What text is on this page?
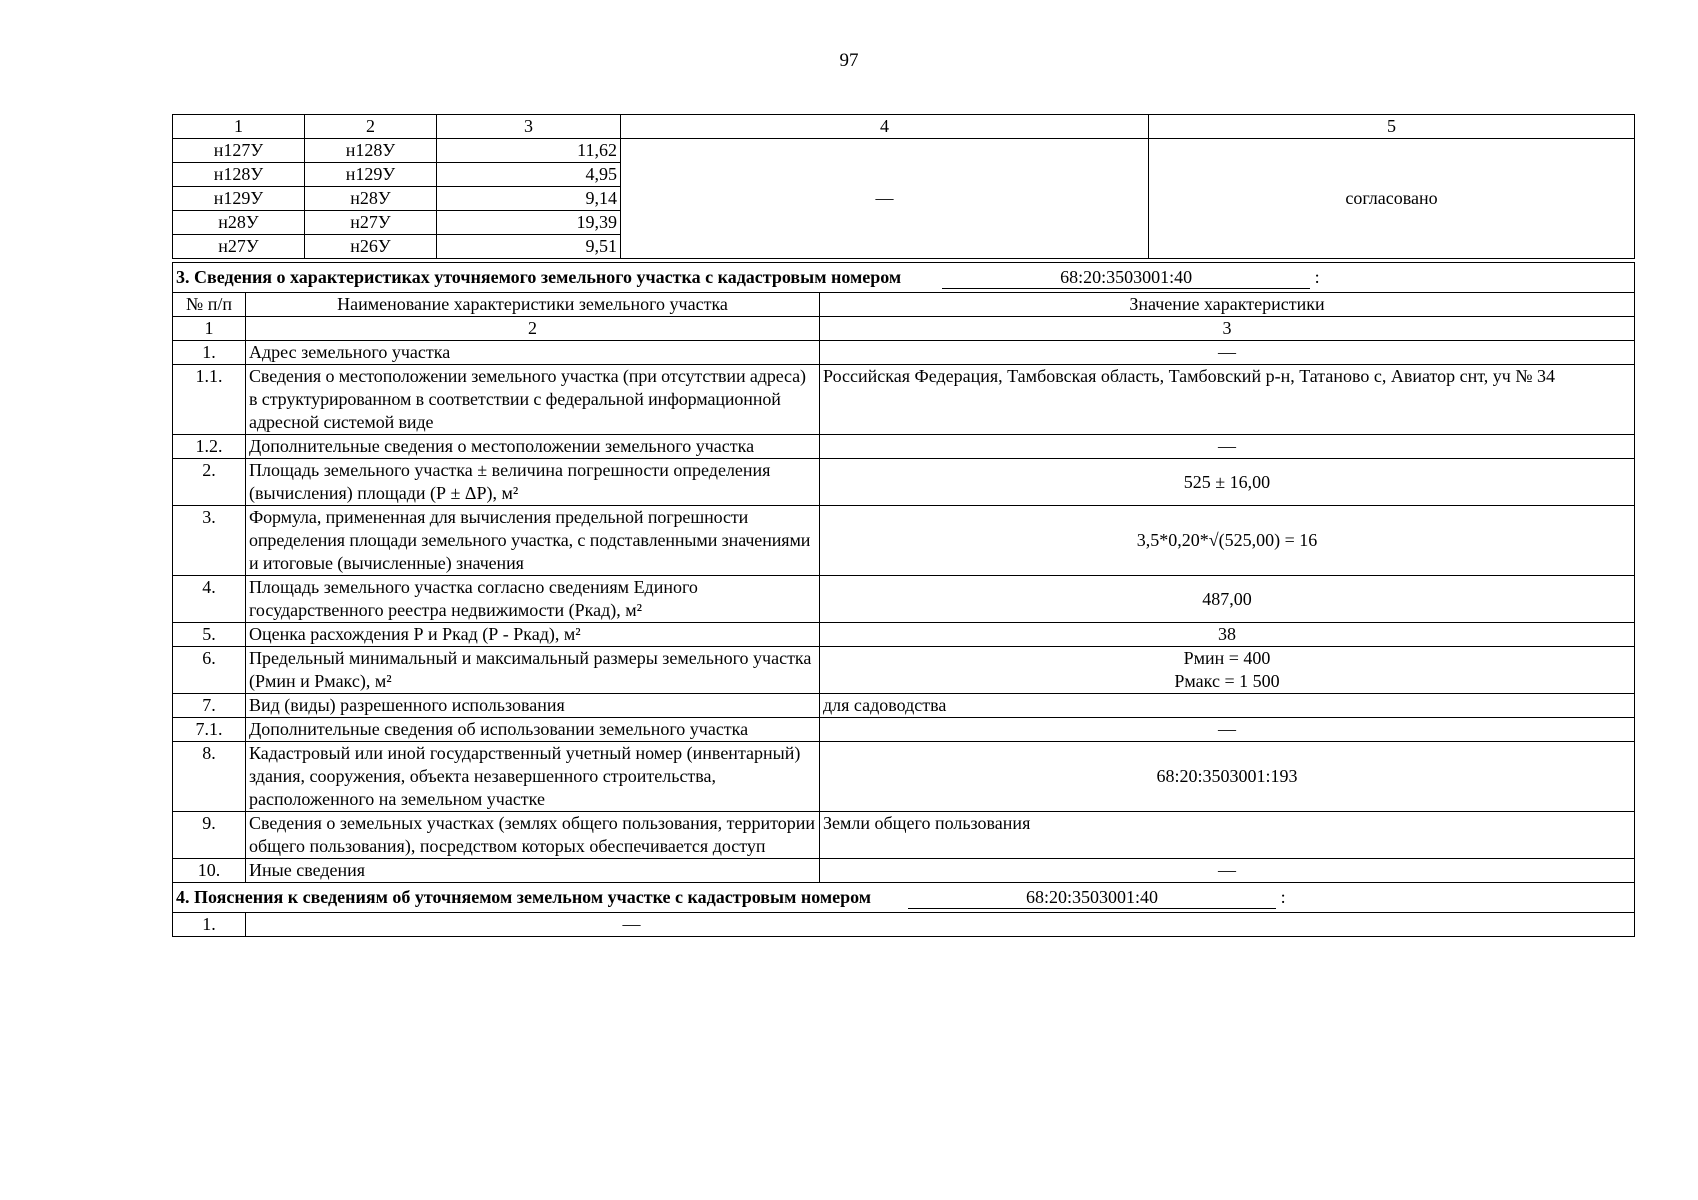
97
1	2	3	4	5
н127У	н128У	11,62	—	согласовано
н128У	н129У	4,95		
н129У	н28У	9,14		
н28У	н27У	19,39		
н27У	н26У	9,51		
3. Сведения о характеристиках уточняемого земельного участка с кадастровым номером 68:20:3503001:40 :		
№ п/п	Наименование характеристики земельного участка	Значение характеристики
1	2	3
1.	Адрес земельного участка	—
1.1.	Сведения о местоположении земельного участка (при отсутствии адреса) в структурированном в соответствии с федеральной информационной адресной системой виде	Российская Федерация, Тамбовская область, Тамбовский р-н, Татаново с, Авиатор снт, уч № 34
1.2.	Дополнительные сведения о местоположении земельного участка	—
2.	Площадь земельного участка ± величина погрешности определения (вычисления) площади (Р ± ΔР), м²	525 ± 16,00
3.	Формула, примененная для вычисления предельной погрешности определения площади земельного участка, с подставленными значениями и итоговые (вычисленные) значения	3,5*0,20*√(525,00) = 16
4.	Площадь земельного участка согласно сведениям Единого государственного реестра недвижимости (Ркад), м²	487,00
5.	Оценка расхождения Р и Ркад (Р - Ркад), м²	38
6.	Предельный минимальный и максимальный размеры земельного участка (Рмин и Рмакс), м²	Рмин = 400
Рмакс = 1 500

7.	Вид (виды) разрешенного использования	для садоводства
7.1.	Дополнительные сведения об использовании земельного участка	—
8.	Кадастровый или иной государственный учетный номер (инвентарный) здания, сооружения, объекта незавершенного строительства, расположенного на земельном участке	68:20:3503001:193
9.	Сведения о земельных участках (землях общего пользования, территории общего пользования), посредством которых обеспечивается доступ	Земли общего пользования
10.	Иные сведения	—
4. Пояснения к сведениям об уточняемом земельном участке с кадастровым номером 68:20:3503001:40 :		
1.	—	
